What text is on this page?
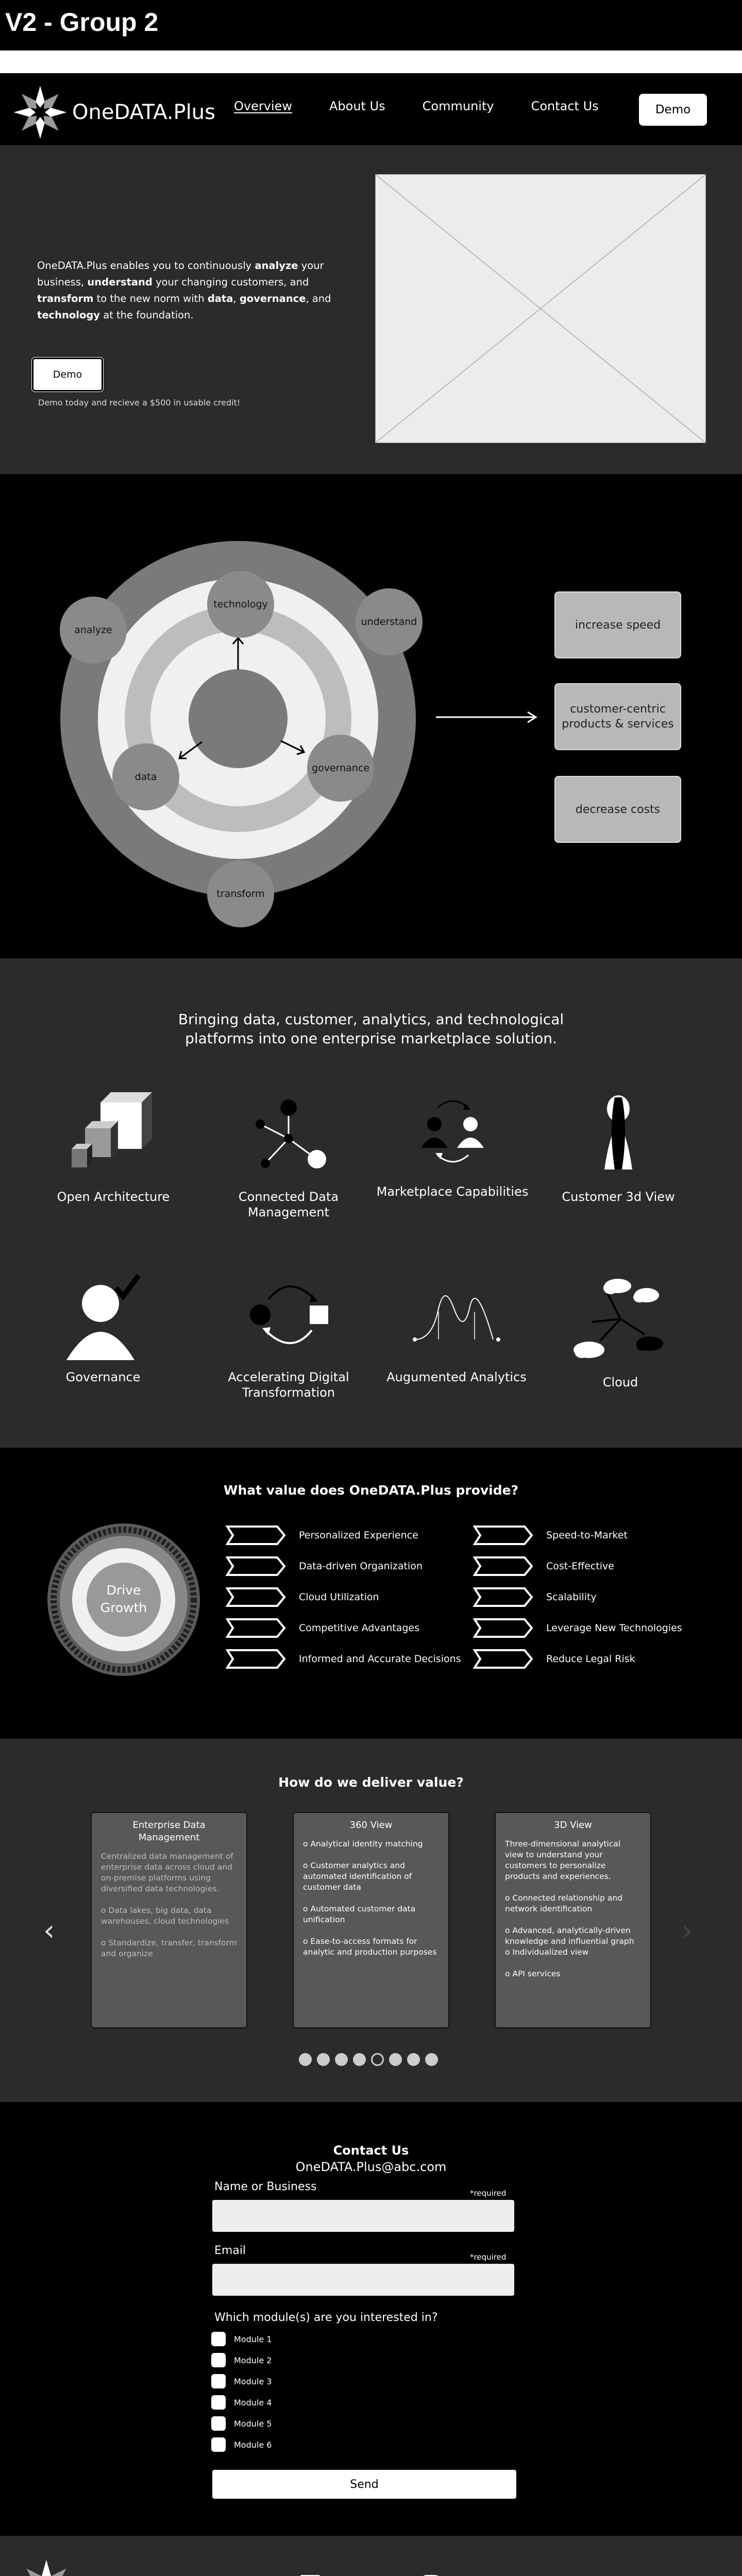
V2 - Group 2
OneDATA.Plus Overview	About Us	Community	Contact Us	Demo
OneDATA.Plus enables you to continuously analyze your business, understand your changing customers, and transform to the new norm with data, governance, and technology at the foundation.
Demo
Demo today and recieve a $500 in usable credit!
analyze
technology
understand
data
governance
transform
increase speed
customer-centric products & services
decrease costs
Bringing data, customer, analytics, and technological
platforms into one enterprise marketplace solution.
Open Architecture	Connected Data Management
Marketplace Capabilities	Customer 3d View
Governance	Accelerating Digital Transformation
Augumented Analytics	Cloud
What value does OneDATA.Plus provide?
Drive
Growth
Personalized Experience
Data-driven Organization
Cloud Utilization
Competitive Advantages
Informed and Accurate Decisions
Speed-to-Market
Cost-Effective
Scalability
Leverage New Technologies
Reduce Legal Risk
How do we deliver value?
‹
Enterprise Data Management
Centralized data management of enterprise data across cloud and on-premise platforms using diversified data technologies.

o Data lakes, big data, data warehouses, cloud technologies

o Standardize, transfer, transform and organize
360 View
o Analytical identity matching

o Customer analytics and automated identification of customer data

o Automated customer data unification

o Ease-to-access formats for analytic and production purposes
3D View
Three-dimensional analytical view to understand your customers to personalize products and experiences.

o Connected relationship and network identification

o Advanced, analytically-driven knowledge and influential graph
o Individualized view

o API services
›
Contact Us
OneDATA.Plus@abc.com
Name or Business	*required
Email	*required
Which module(s) are you interested in?
Module 1
Module 2
Module 3
Module 4
Module 5
Module 6
Send
